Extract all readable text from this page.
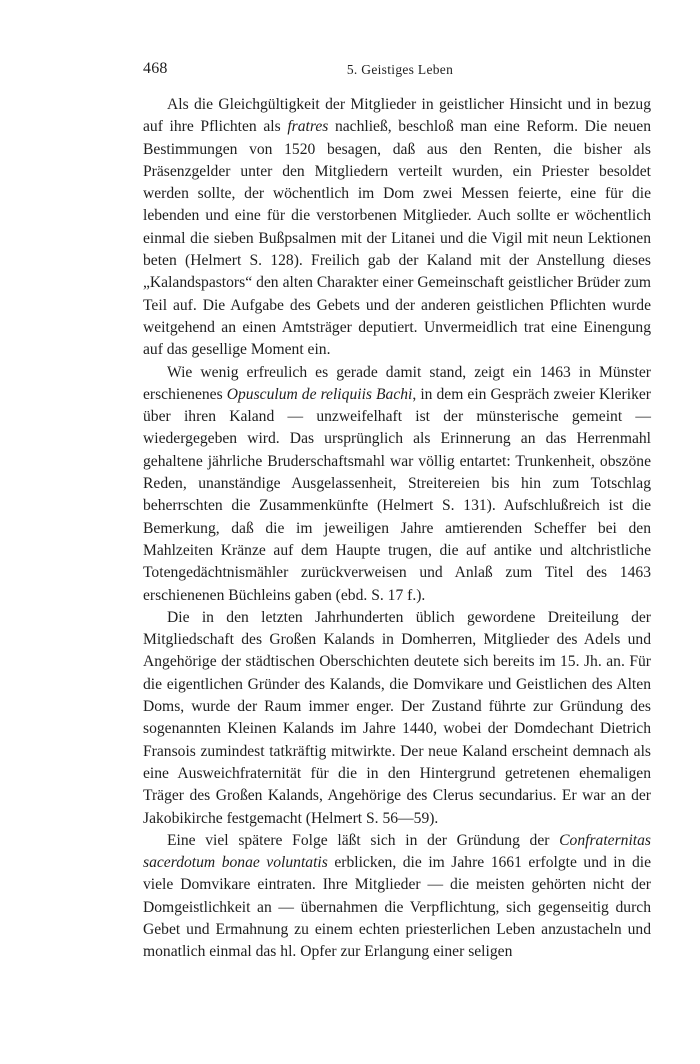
468	5. Geistiges Leben

Als die Gleichgültigkeit der Mitglieder in geistlicher Hinsicht und in bezug auf ihre Pflichten als fratres nachließ, beschloß man eine Reform. Die neuen Bestimmungen von 1520 besagen, daß aus den Renten, die bisher als Präsenzgelder unter den Mitgliedern verteilt wurden, ein Priester besoldet werden sollte, der wöchentlich im Dom zwei Messen feierte, eine für die lebenden und eine für die verstorbenen Mitglieder. Auch sollte er wöchentlich einmal die sieben Bußpsalmen mit der Litanei und die Vigil mit neun Lektionen beten (Helmert S. 128). Freilich gab der Kaland mit der Anstellung dieses „Kalandspastors“ den alten Charakter einer Gemeinschaft geistlicher Brüder zum Teil auf. Die Aufgabe des Gebets und der anderen geistlichen Pflichten wurde weitgehend an einen Amtsträger deputiert. Unvermeidlich trat eine Einengung auf das gesellige Moment ein.

Wie wenig erfreulich es gerade damit stand, zeigt ein 1463 in Münster erschienenes Opusculum de reliquiis Bachi, in dem ein Gespräch zweier Kleriker über ihren Kaland — unzweifelhaft ist der münsterische gemeint — wiedergegeben wird. Das ursprünglich als Erinnerung an das Herrenmahl gehaltene jährliche Bruderschaftsmahl war völlig entartet: Trunkenheit, obszöne Reden, unanständige Ausgelassenheit, Streitereien bis hin zum Totschlag beherrschten die Zusammenkünfte (Helmert S. 131). Aufschlußreich ist die Bemerkung, daß die im jeweiligen Jahre amtierenden Scheffer bei den Mahlzeiten Kränze auf dem Haupte trugen, die auf antike und altchristliche Totengedächtnismähler zurückverweisen und Anlaß zum Titel des 1463 erschienenen Büchleins gaben (ebd. S. 17 f.).

Die in den letzten Jahrhunderten üblich gewordene Dreiteilung der Mitgliedschaft des Großen Kalands in Domherren, Mitglieder des Adels und Angehörige der städtischen Oberschichten deutete sich bereits im 15. Jh. an. Für die eigentlichen Gründer des Kalands, die Domvikare und Geistlichen des Alten Doms, wurde der Raum immer enger. Der Zustand führte zur Gründung des sogenannten Kleinen Kalands im Jahre 1440, wobei der Domdechant Dietrich Fransois zumindest tatkräftig mitwirkte. Der neue Kaland erscheint demnach als eine Ausweichfraternität für die in den Hintergrund getretenen ehemaligen Träger des Großen Kalands, Angehörige des Clerus secundarius. Er war an der Jakobikirche festgemacht (Helmert S. 56—59).

Eine viel spätere Folge läßt sich in der Gründung der Confraternitas sacerdotum bonae voluntatis erblicken, die im Jahre 1661 erfolgte und in die viele Domvikare eintraten. Ihre Mitglieder — die meisten gehörten nicht der Domgeistlichkeit an — übernahmen die Verpflichtung, sich gegenseitig durch Gebet und Ermahnung zu einem echten priesterlichen Leben anzustacheln und monatlich einmal das hl. Opfer zur Erlangung einer seligen
